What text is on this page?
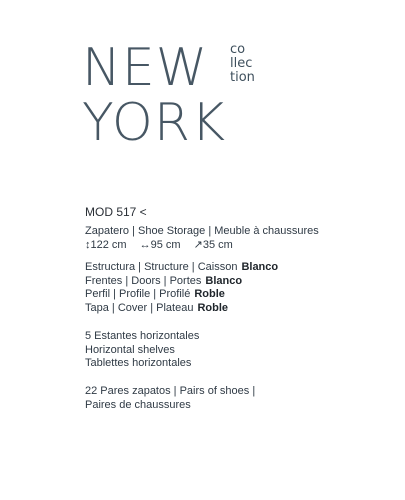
NEW co
llec
tion
YORK
MOD 517 <
Zapatero | Shoe Storage | Meuble à chaussures
↕122 cm ↔95 cm ↗35 cm
Estructura | Structure | Caisson Blanco
Frentes | Doors | Portes Blanco
Perfil | Profile | Profilé Roble
Tapa | Cover | Plateau Roble
5 Estantes horizontales
Horizontal shelves
Tablettes horizontales
22 Pares zapatos | Pairs of shoes |
Paires de chaussures
